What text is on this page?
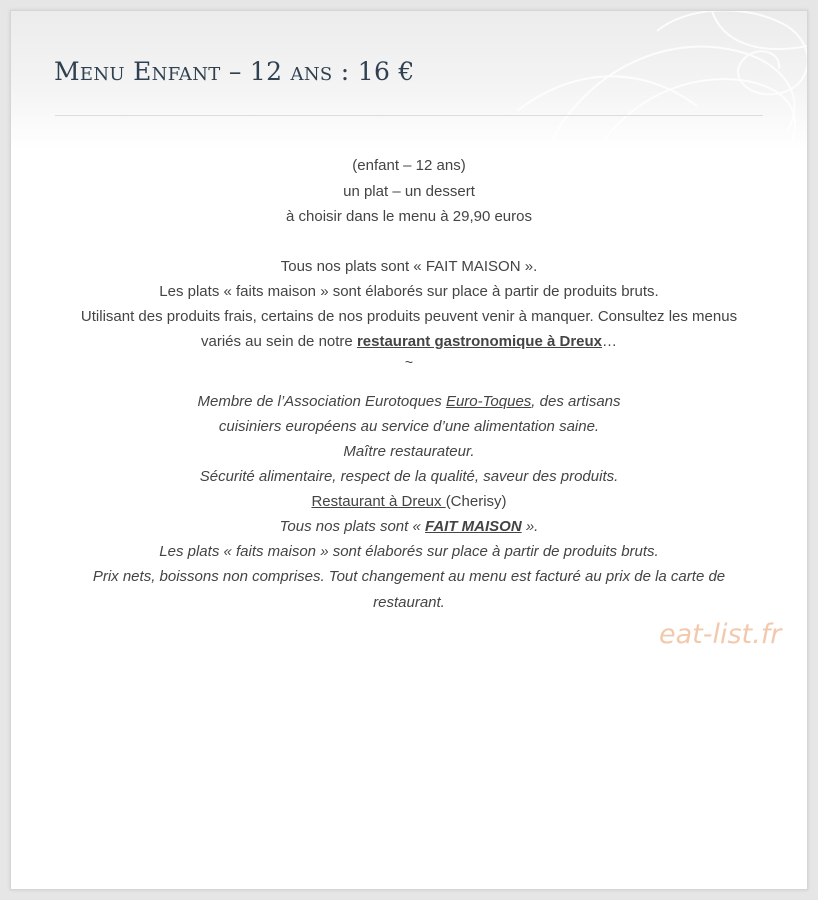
Menu Enfant – 12 ans : 16 €

(enfant – 12 ans)

un plat – un dessert

à choisir dans le menu à 29,90 euros

Tous nos plats sont « FAIT MAISON ».

Les plats « faits maison » sont élaborés sur place à partir de produits bruts.

Utilisant des produits frais, certains de nos produits peuvent venir à manquer. Consultez les menus variés au sein de notre restaurant gastronomique à Dreux…

~

Membre de l’Association Eurotoques Euro-Toques, des artisans

cuisiniers européens au service d’une alimentation saine.

Maître restaurateur.

Sécurité alimentaire, respect de la qualité, saveur des produits.

Restaurant à Dreux (Cherisy)

Tous nos plats sont « FAIT MAISON ».

Les plats « faits maison » sont élaborés sur place à partir de produits bruts.

Prix nets, boissons non comprises. Tout changement au menu est facturé au prix de la carte de restaurant.

eat-list.fr
